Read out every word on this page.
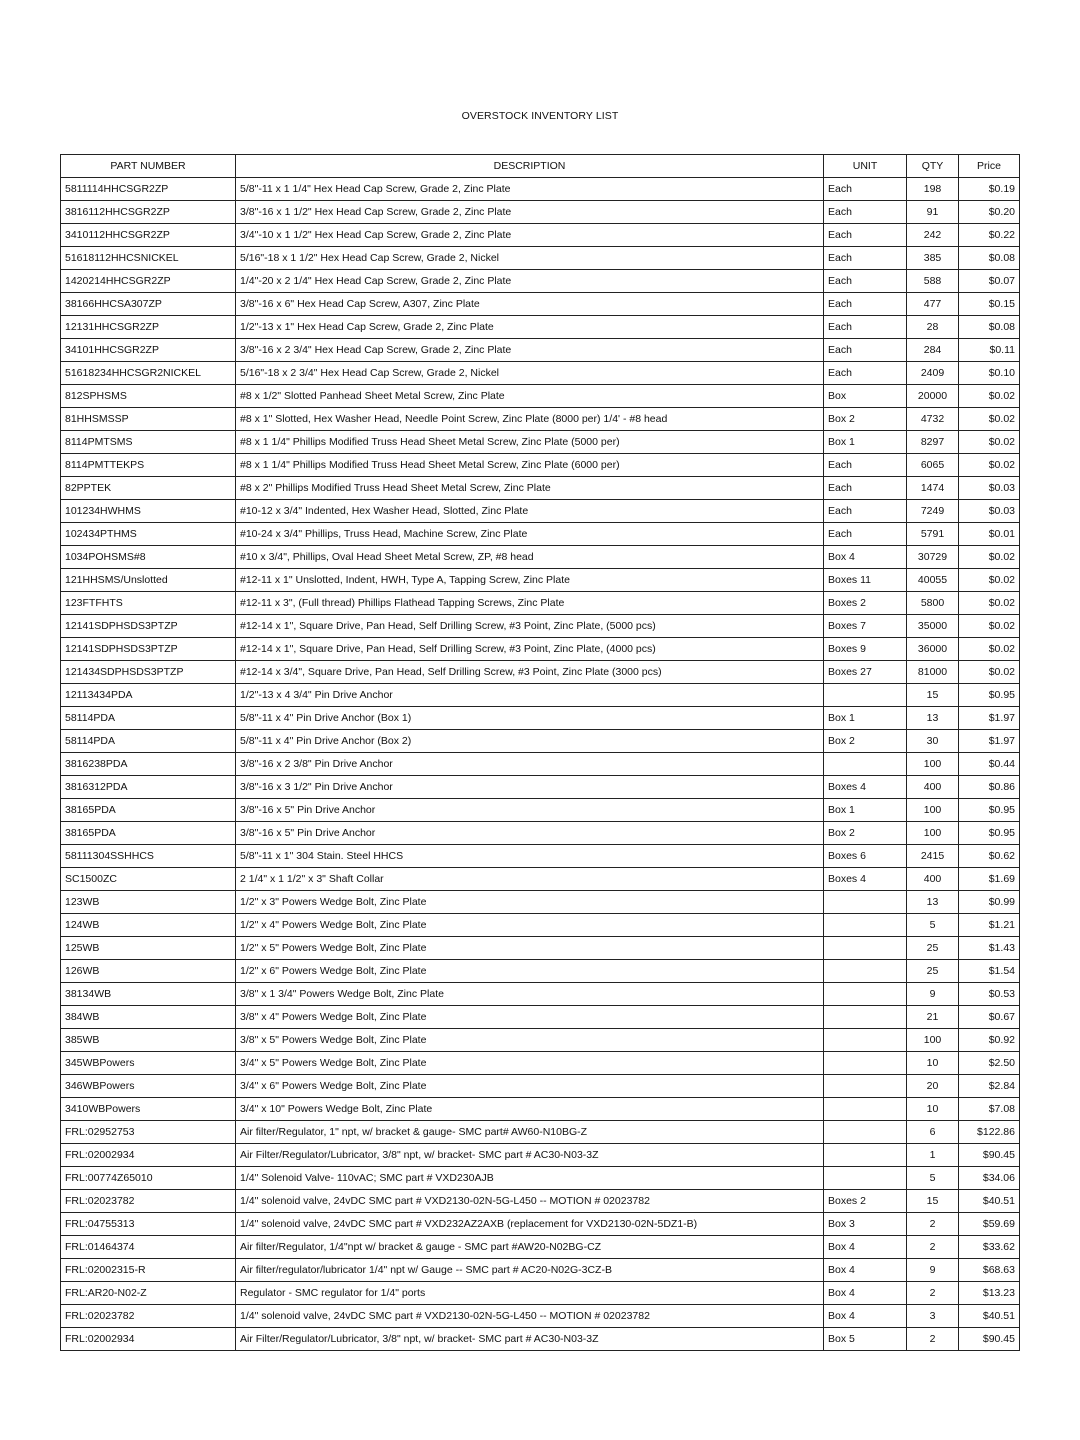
OVERSTOCK INVENTORY LIST
PART NUMBER	DESCRIPTION	UNIT	QTY	Price
5811114HHCSGR2ZP	5/8"-11 x 1 1/4" Hex Head Cap Screw, Grade 2, Zinc Plate	Each	198	$0.19
3816112HHCSGR2ZP	3/8"-16 x 1 1/2" Hex Head Cap Screw, Grade 2, Zinc Plate	Each	91	$0.20
3410112HHCSGR2ZP	3/4"-10 x 1 1/2" Hex Head Cap Screw, Grade 2, Zinc Plate	Each	242	$0.22
51618112HHCSNICKEL	5/16"-18 x 1 1/2" Hex Head Cap Screw, Grade 2, Nickel	Each	385	$0.08
1420214HHCSGR2ZP	1/4"-20 x 2 1/4" Hex Head Cap Screw, Grade 2, Zinc Plate	Each	588	$0.07
38166HHCSA307ZP	3/8"-16 x 6" Hex Head Cap Screw, A307, Zinc Plate	Each	477	$0.15
12131HHCSGR2ZP	1/2"-13 x 1" Hex Head Cap Screw, Grade 2, Zinc Plate	Each	28	$0.08
34101HHCSGR2ZP	3/8"-16 x 2 3/4" Hex Head Cap Screw, Grade 2, Zinc Plate	Each	284	$0.11
51618234HHCSGR2NICKEL	5/16"-18 x 2 3/4" Hex Head Cap Screw, Grade 2, Nickel	Each	2409	$0.10
812SPHSMS	#8 x 1/2" Slotted Panhead Sheet Metal Screw, Zinc Plate	Box	20000	$0.02
81HHSMSSP	#8 x 1" Slotted, Hex Washer Head, Needle Point Screw, Zinc Plate (8000 per) 1/4' - #8 head	Box 2	4732	$0.02
8114PMTSMS	#8 x 1 1/4" Phillips Modified Truss Head Sheet Metal Screw, Zinc Plate (5000 per)	Box 1	8297	$0.02
8114PMTTEKPS	#8 x 1 1/4" Phillips Modified Truss Head Sheet Metal Screw, Zinc Plate (6000 per)	Each	6065	$0.02
82PPTEK	#8 x 2" Phillips Modified Truss Head Sheet Metal Screw, Zinc Plate	Each	1474	$0.03
101234HWHMS	#10-12 x 3/4" Indented, Hex Washer Head, Slotted, Zinc Plate	Each	7249	$0.03
102434PTHMS	#10-24 x 3/4" Phillips, Truss Head, Machine Screw, Zinc Plate	Each	5791	$0.01
1034POHSMS#8	#10 x 3/4", Phillips, Oval Head Sheet Metal Screw, ZP, #8 head	Box 4	30729	$0.02
121HHSMS/Unslotted	#12-11 x 1" Unslotted, Indent, HWH, Type A, Tapping Screw, Zinc Plate	Boxes 11	40055	$0.02
123FTFHTS	#12-11 x 3", (Full thread) Phillips Flathead Tapping Screws, Zinc Plate	Boxes 2	5800	$0.02
12141SDPHSDS3PTZP	#12-14 x 1", Square Drive, Pan Head, Self Drilling Screw, #3 Point, Zinc Plate, (5000 pcs)	Boxes 7	35000	$0.02
12141SDPHSDS3PTZP	#12-14 x 1", Square Drive, Pan Head, Self Drilling Screw, #3 Point, Zinc Plate, (4000 pcs)	Boxes 9	36000	$0.02
121434SDPHSDS3PTZP	#12-14 x 3/4", Square Drive, Pan Head, Self Drilling Screw, #3 Point, Zinc Plate (3000 pcs)	Boxes 27	81000	$0.02
12113434PDA	1/2"-13 x 4 3/4" Pin Drive Anchor		15	$0.95
58114PDA	5/8"-11 x 4" Pin Drive Anchor (Box 1)	Box 1	13	$1.97
58114PDA	5/8"-11 x 4" Pin Drive Anchor (Box 2)	Box 2	30	$1.97
3816238PDA	3/8"-16 x 2 3/8" Pin Drive Anchor		100	$0.44
3816312PDA	3/8"-16 x 3 1/2" Pin Drive Anchor	Boxes 4	400	$0.86
38165PDA	3/8"-16 x 5" Pin Drive Anchor	Box 1	100	$0.95
38165PDA	3/8"-16 x 5" Pin Drive Anchor	Box 2	100	$0.95
58111304SSHHCS	5/8"-11 x 1" 304 Stain. Steel HHCS	Boxes 6	2415	$0.62
SC1500ZC	2 1/4" x 1 1/2" x 3" Shaft Collar	Boxes 4	400	$1.69
123WB	1/2" x 3" Powers Wedge Bolt, Zinc Plate		13	$0.99
124WB	1/2" x 4" Powers Wedge Bolt, Zinc Plate		5	$1.21
125WB	1/2" x 5" Powers Wedge Bolt, Zinc Plate		25	$1.43
126WB	1/2" x 6" Powers Wedge Bolt, Zinc Plate		25	$1.54
38134WB	3/8" x 1 3/4" Powers Wedge Bolt, Zinc Plate		9	$0.53
384WB	3/8" x 4" Powers Wedge Bolt, Zinc Plate		21	$0.67
385WB	3/8" x 5" Powers Wedge Bolt, Zinc Plate		100	$0.92
345WBPowers	3/4" x 5" Powers Wedge Bolt, Zinc Plate		10	$2.50
346WBPowers	3/4" x 6" Powers Wedge Bolt, Zinc Plate		20	$2.84
3410WBPowers	3/4" x 10" Powers Wedge Bolt, Zinc Plate		10	$7.08
FRL:02952753	Air filter/Regulator, 1" npt, w/ bracket & gauge- SMC part# AW60-N10BG-Z		6	$122.86
FRL:02002934	Air Filter/Regulator/Lubricator, 3/8" npt, w/ bracket- SMC part # AC30-N03-3Z		1	$90.45
FRL:00774Z65010	1/4" Solenoid Valve- 110vAC; SMC part # VXD230AJB		5	$34.06
FRL:02023782	1/4" solenoid valve, 24vDC SMC part # VXD2130-02N-5G-L450 -- MOTION # 02023782	Boxes 2	15	$40.51
FRL:04755313	1/4" solenoid valve, 24vDC SMC part # VXD232AZ2AXB (replacement for VXD2130-02N-5DZ1-B)	Box 3	2	$59.69
FRL:01464374	Air filter/Regulator, 1/4"npt w/ bracket & gauge - SMC part #AW20-N02BG-CZ	Box 4	2	$33.62
FRL:02002315-R	Air filter/regulator/lubricator 1/4" npt w/ Gauge -- SMC part # AC20-N02G-3CZ-B	Box 4	9	$68.63
FRL:AR20-N02-Z	Regulator - SMC regulator for 1/4" ports	Box 4	2	$13.23
FRL:02023782	1/4" solenoid valve, 24vDC SMC part # VXD2130-02N-5G-L450 -- MOTION # 02023782	Box 4	3	$40.51
FRL:02002934	Air Filter/Regulator/Lubricator, 3/8" npt, w/ bracket- SMC part # AC30-N03-3Z	Box 5	2	$90.45
